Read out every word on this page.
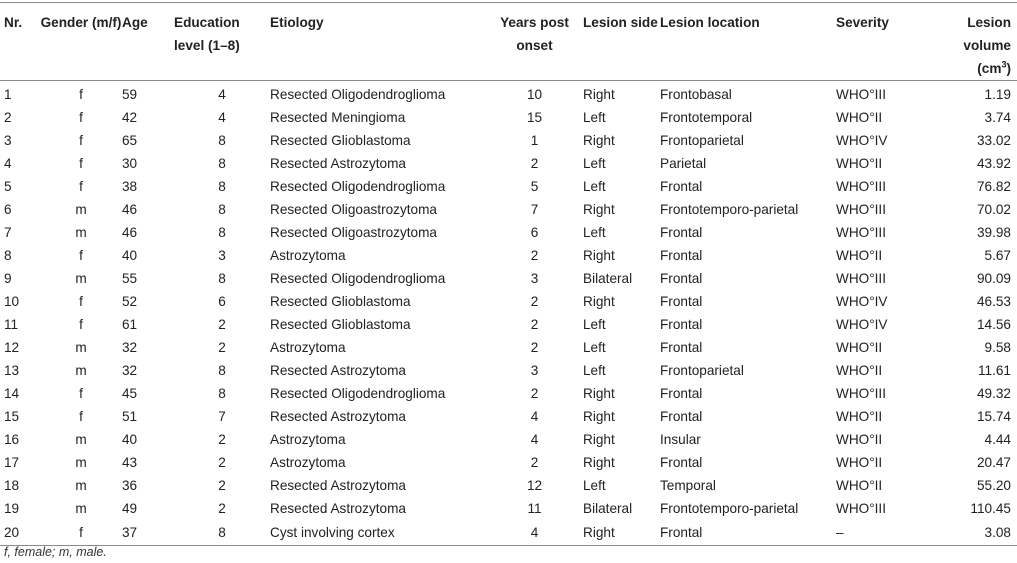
Nr.	Gender (m/f)	Age	Education level (1–8)	Etiology	Years post onset	Lesion side	Lesion location	Severity	Lesion volume $(cm^3)$
1	f	59	4	Resected Oligodendroglioma	10	Right	Frontobasal	WHO°III	1.19
2	f	42	4	Resected Meningioma	15	Left	Frontotemporal	WHO°II	3.74
3	f	65	8	Resected Glioblastoma	1	Right	Frontoparietal	WHO°IV	33.02
4	f	30	8	Resected Astrozytoma	2	Left	Parietal	WHO°II	43.92
5	f	38	8	Resected Oligodendroglioma	5	Left	Frontal	WHO°III	76.82
6	m	46	8	Resected Oligoastrozytoma	7	Right	Frontotemporo-parietal	WHO°III	70.02
7	m	46	8	Resected Oligoastrozytoma	6	Left	Frontal	WHO°III	39.98
8	f	40	3	Astrozytoma	2	Right	Frontal	WHO°II	5.67
9	m	55	8	Resected Oligodendroglioma	3	Bilateral	Frontal	WHO°III	90.09
10	f	52	6	Resected Glioblastoma	2	Right	Frontal	WHO°IV	46.53
11	f	61	2	Resected Glioblastoma	2	Left	Frontal	WHO°IV	14.56
12	m	32	2	Astrozytoma	2	Left	Frontal	WHO°II	9.58
13	m	32	8	Resected Astrozytoma	3	Left	Frontoparietal	WHO°II	11.61
14	f	45	8	Resected Oligodendroglioma	2	Right	Frontal	WHO°III	49.32
15	f	51	7	Resected Astrozytoma	4	Right	Frontal	WHO°II	15.74
16	m	40	2	Astrozytoma	4	Right	Insular	WHO°II	4.44
17	m	43	2	Astrozytoma	2	Right	Frontal	WHO°II	20.47
18	m	36	2	Resected Astrozytoma	12	Left	Temporal	WHO°II	55.20
19	m	49	2	Resected Astrozytoma	11	Bilateral	Frontotemporo-parietal	WHO°III	110.45
20	f	37	8	Cyst involving cortex	4	Right	Frontal	–	3.08
f, female; m, male.
